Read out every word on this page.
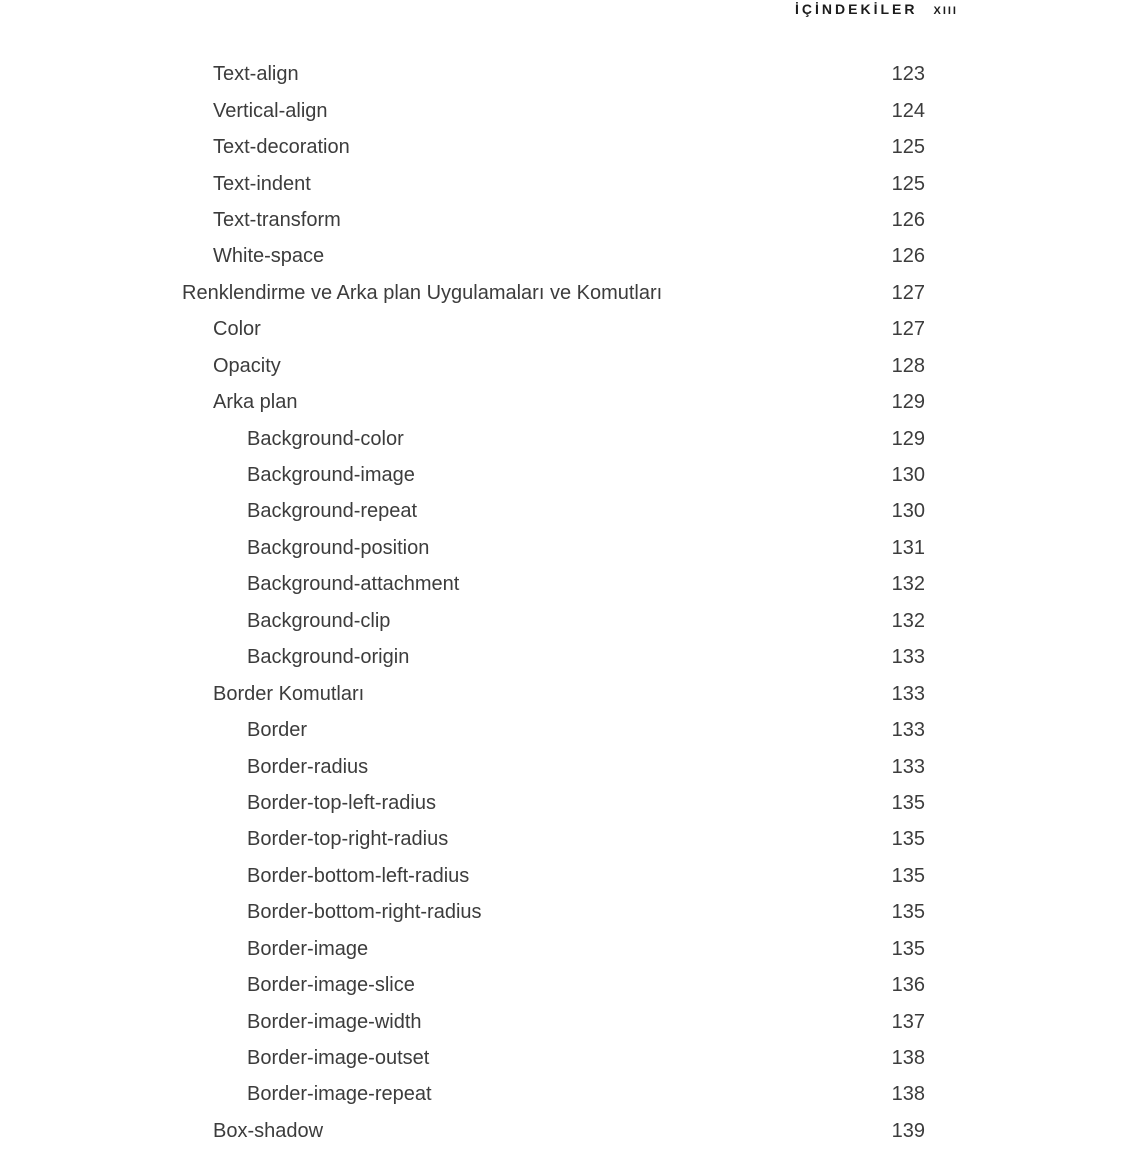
İÇİNDEKİLER XIII
Text-align	123
Vertical-align	124
Text-decoration	125
Text-indent	125
Text-transform	126
White-space	126
Renklendirme ve Arka plan Uygulamaları ve Komutları	127
Color	127
Opacity	128
Arka plan	129
Background-color	129
Background-image	130
Background-repeat	130
Background-position	131
Background-attachment	132
Background-clip	132
Background-origin	133
Border Komutları	133
Border	133
Border-radius	133
Border-top-left-radius	135
Border-top-right-radius	135
Border-bottom-left-radius	135
Border-bottom-right-radius	135
Border-image	135
Border-image-slice	136
Border-image-width	137
Border-image-outset	138
Border-image-repeat	138
Box-shadow	139
